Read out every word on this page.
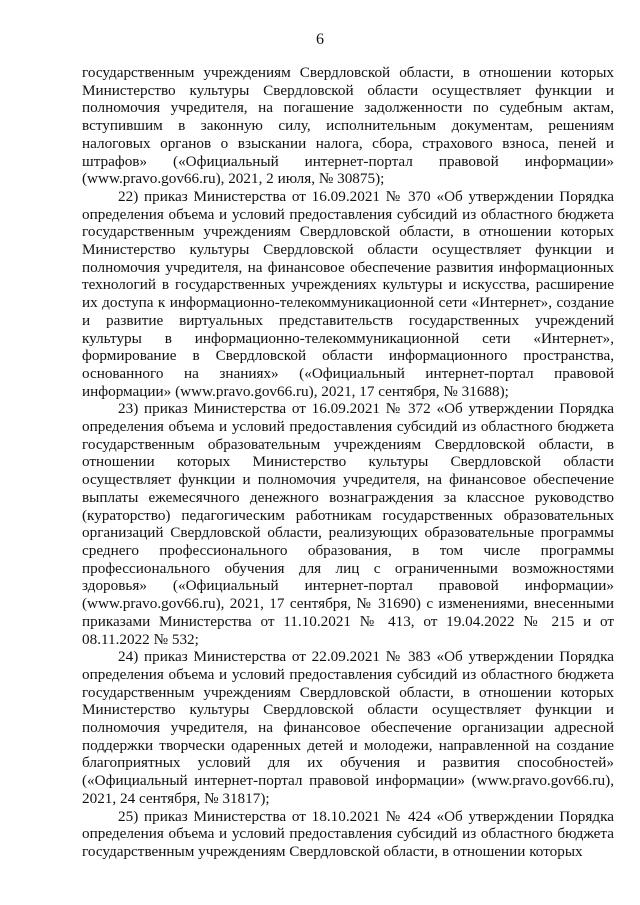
6

государственным учреждениям Свердловской области, в отношении которых Министерство культуры Свердловской области осуществляет функции и полномочия учредителя, на погашение задолженности по судебным актам, вступившим в законную силу, исполнительным документам, решениям налоговых органов о взыскании налога, сбора, страхового взноса, пеней и штрафов» («Официальный интернет-портал правовой информации» (www.pravo.gov66.ru), 2021, 2 июля, № 30875);

22) приказ Министерства от 16.09.2021 № 370 «Об утверждении Порядка определения объема и условий предоставления субсидий из областного бюджета государственным учреждениям Свердловской области, в отношении которых Министерство культуры Свердловской области осуществляет функции и полномочия учредителя, на финансовое обеспечение развития информационных технологий в государственных учреждениях культуры и искусства, расширение их доступа к информационно-телекоммуникационной сети «Интернет», создание и развитие виртуальных представительств государственных учреждений культуры в информационно-телекоммуникационной сети «Интернет», формирование в Свердловской области информационного пространства, основанного на знаниях» («Официальный интернет-портал правовой информации» (www.pravo.gov66.ru), 2021, 17 сентября, № 31688);

23) приказ Министерства от 16.09.2021 № 372 «Об утверждении Порядка определения объема и условий предоставления субсидий из областного бюджета государственным образовательным учреждениям Свердловской области, в отношении которых Министерство культуры Свердловской области осуществляет функции и полномочия учредителя, на финансовое обеспечение выплаты ежемесячного денежного вознаграждения за классное руководство (кураторство) педагогическим работникам государственных образовательных организаций Свердловской области, реализующих образовательные программы среднего профессионального образования, в том числе программы профессионального обучения для лиц с ограниченными возможностями здоровья» («Официальный интернет-портал правовой информации» (www.pravo.gov66.ru), 2021, 17 сентября, № 31690) с изменениями, внесенными приказами Министерства от 11.10.2021 № 413, от 19.04.2022 № 215 и от 08.11.2022 № 532;

24) приказ Министерства от 22.09.2021 № 383 «Об утверждении Порядка определения объема и условий предоставления субсидий из областного бюджета государственным учреждениям Свердловской области, в отношении которых Министерство культуры Свердловской области осуществляет функции и полномочия учредителя, на финансовое обеспечение организации адресной поддержки творчески одаренных детей и молодежи, направленной на создание благоприятных условий для их обучения и развития способностей» («Официальный интернет-портал правовой информации» (www.pravo.gov66.ru), 2021, 24 сентября, № 31817);

25) приказ Министерства от 18.10.2021 № 424 «Об утверждении Порядка определения объема и условий предоставления субсидий из областного бюджета государственным учреждениям Свердловской области, в отношении которых
